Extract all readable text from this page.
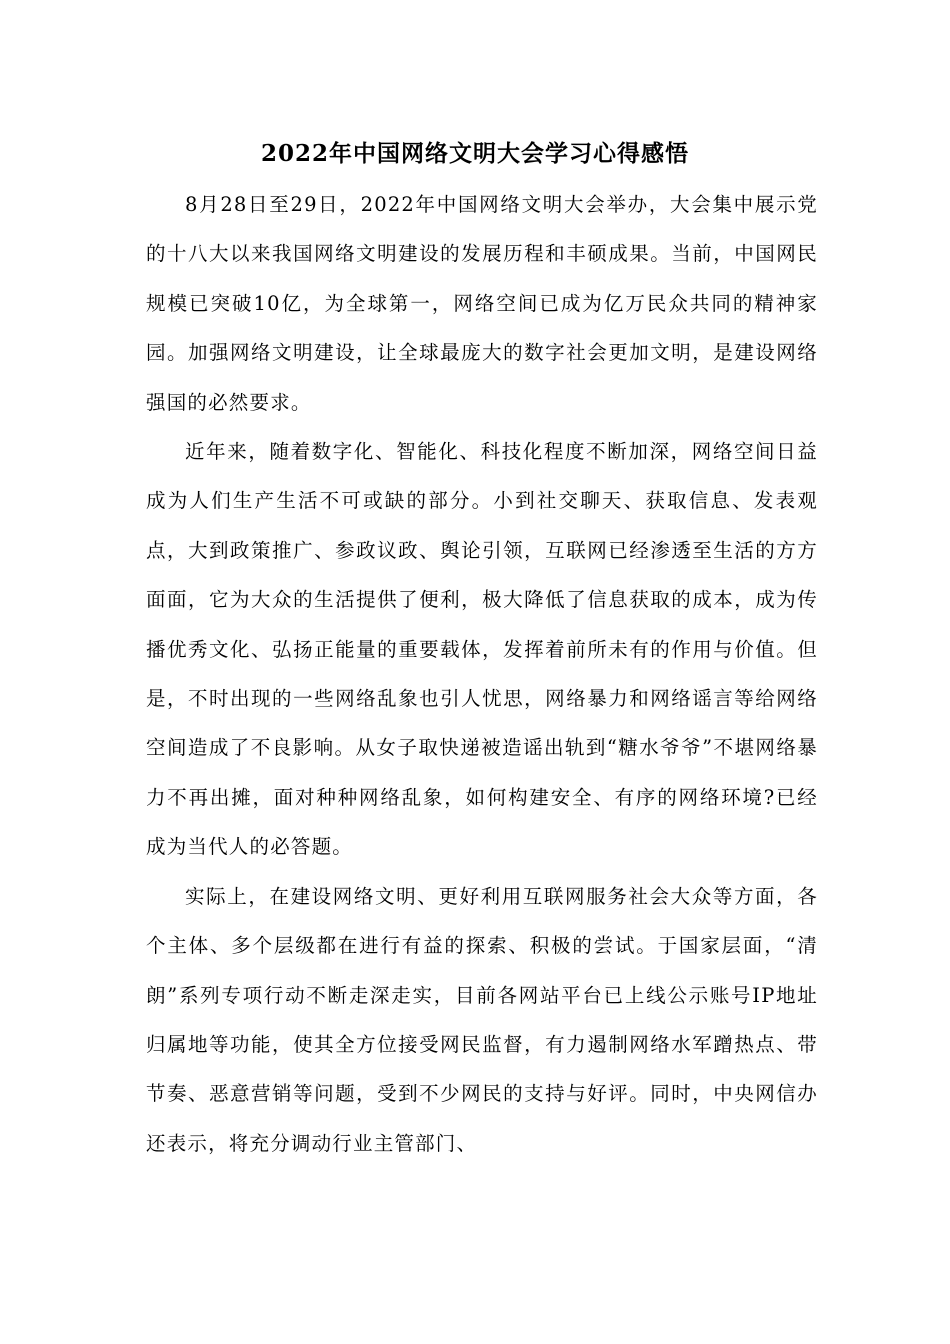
2022年中国网络文明大会学习心得感悟

8月28日至29日，2022年中国网络文明大会举办，大会集中展示党的十八大以来我国网络文明建设的发展历程和丰硕成果。当前，中国网民规模已突破10亿，为全球第一，网络空间已成为亿万民众共同的精神家园。加强网络文明建设，让全球最庞大的数字社会更加文明，是建设网络强国的必然要求。

近年来，随着数字化、智能化、科技化程度不断加深，网络空间日益成为人们生产生活不可或缺的部分。小到社交聊天、获取信息、发表观点，大到政策推广、参政议政、舆论引领，互联网已经渗透至生活的方方面面，它为大众的生活提供了便利，极大降低了信息获取的成本，成为传播优秀文化、弘扬正能量的重要载体，发挥着前所未有的作用与价值。但是，不时出现的一些网络乱象也引人忧思，网络暴力和网络谣言等给网络空间造成了不良影响。从女子取快递被造谣出轨到“糖水爷爷”不堪网络暴力不再出摊，面对种种网络乱象，如何构建安全、有序的网络环境?已经成为当代人的必答题。

实际上，在建设网络文明、更好利用互联网服务社会大众等方面，各个主体、多个层级都在进行有益的探索、积极的尝试。于国家层面，“清朗”系列专项行动不断走深走实，目前各网站平台已上线公示账号IP地址归属地等功能，使其全方位接受网民监督，有力遏制网络水军蹭热点、带节奏、恶意营销等问题，受到不少网民的支持与好评。同时，中央网信办还表示，将充分调动行业主管部门、
